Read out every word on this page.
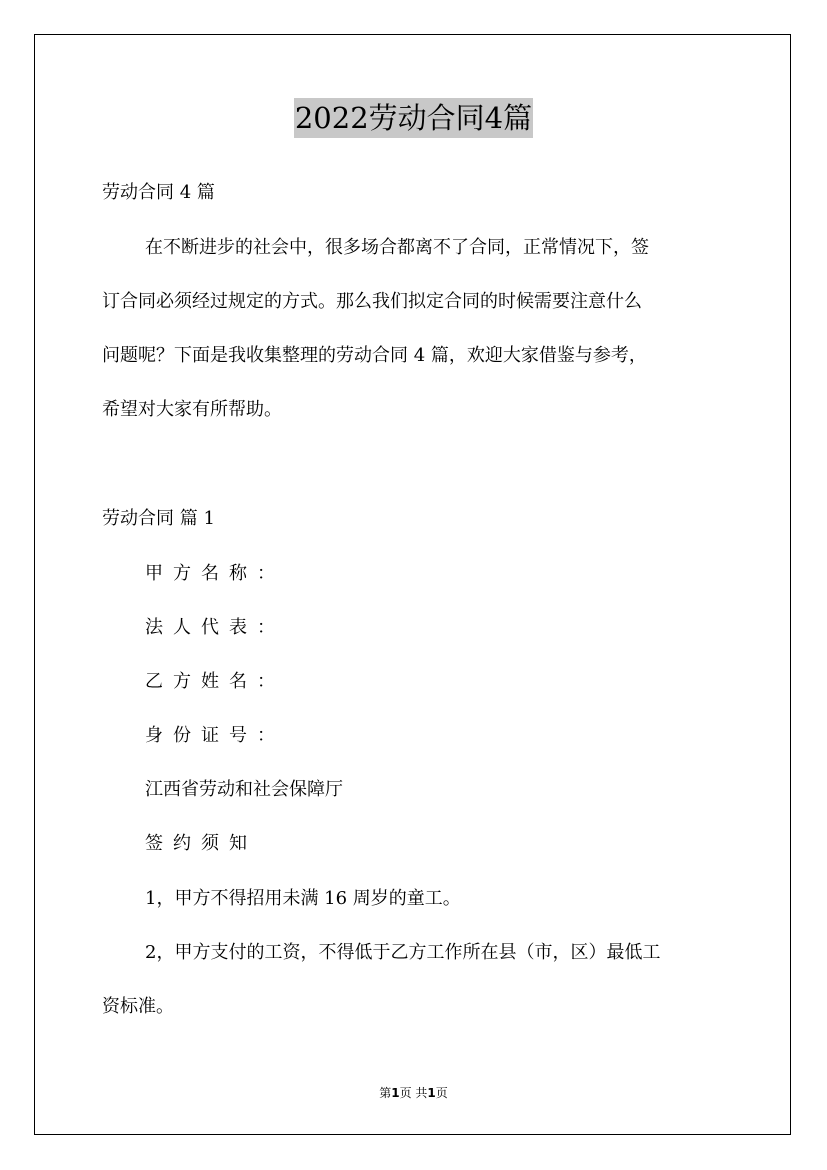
2022劳动合同4篇
劳动合同 4 篇
在不断进步的社会中，很多场合都离不了合同，正常情况下，签
订合同必须经过规定的方式。那么我们拟定合同的时候需要注意什么
问题呢？下面是我收集整理的劳动合同 4 篇，欢迎大家借鉴与参考，
希望对大家有所帮助。
劳动合同 篇 1
甲方名称：
法人代表：
乙方姓名：
身份证号：
江西省劳动和社会保障厅
签约须知
1，甲方不得招用未满 16 周岁的童工。
2，甲方支付的工资，不得低于乙方工作所在县（市，区）最低工
资标准。
第1页 共1页
